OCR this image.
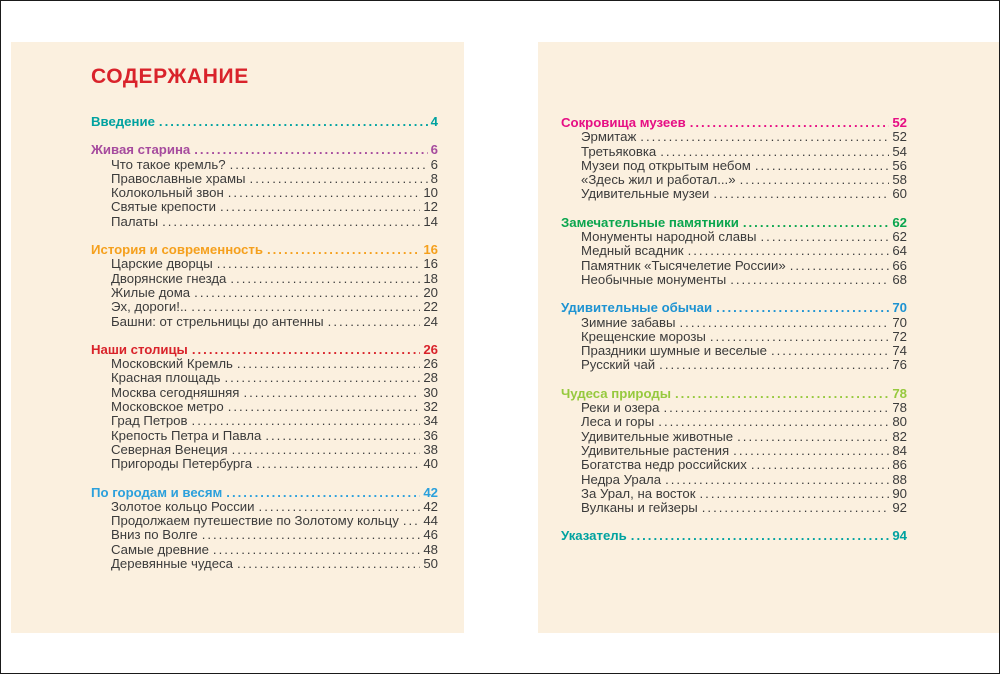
СОДЕРЖАНИЕ
Введение .....	4
Живая старина .....	6
Что такое кремль? .....	6
Православные храмы .....	8
Колокольный звон .....	10
Святые крепости .....	12
Палаты .....	14
История и современность .....	16
Царские дворцы .....	16
Дворянские гнезда .....	18
Жилые дома .....	20
Эх, дороги!.. .....	22
Башни: от стрельницы до антенны .....	24
Наши столицы .....	26
Московский Кремль .....	26
Красная площадь .....	28
Москва сегодняшняя .....	30
Московское метро .....	32
Град Петров .....	34
Крепость Петра и Павла .....	36
Северная Венеция .....	38
Пригороды Петербурга .....	40
По городам и весям .....	42
Золотое кольцо России .....	42
Продолжаем путешествие по Золотому кольцу ..... 44
Вниз по Волге .....	46
Самые древние .....	48
Деревянные чудеса .....	50
Сокровища музеев .....	52
Эрмитаж .....	52
Третьяковка .....	54
Музеи под открытым небом .....	56
«Здесь жил и работал...» .....	58
Удивительные музеи .....	60
Замечательные памятники .....	62
Монументы народной славы .....	62
Медный всадник .....	64
Памятник «Тысячелетие России» .....	66
Необычные монументы .....	68
Удивительные обычаи .....	70
Зимние забавы .....	70
Крещенские морозы .....	72
Праздники шумные и веселые .....	74
Русский чай .....	76
Чудеса природы .....	78
Реки и озера .....	78
Леса и горы .....	80
Удивительные животные .....	82
Удивительные растения .....	84
Богатства недр российских .....	86
Недра Урала .....	88
За Урал, на восток .....	90
Вулканы и гейзеры .....	92
Указатель .....	94
